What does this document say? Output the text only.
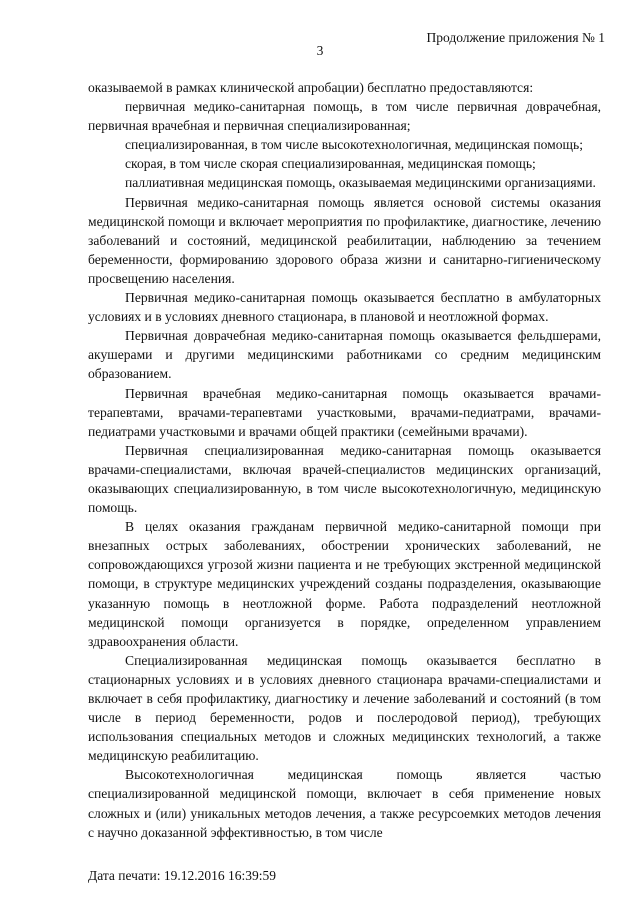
Продолжение приложения № 1
3

оказываемой в рамках клинической апробации) бесплатно предоставляются:

первичная медико-санитарная помощь, в том числе первичная доврачебная, первичная врачебная и первичная специализированная;

специализированная, в том числе высокотехнологичная, медицинская помощь;

скорая, в том числе скорая специализированная, медицинская помощь;

паллиативная медицинская помощь, оказываемая медицинскими организациями.

Первичная медико-санитарная помощь является основой системы оказания медицинской помощи и включает мероприятия по профилактике, диагностике, лечению заболеваний и состояний, медицинской реабилитации, наблюдению за течением беременности, формированию здорового образа жизни и санитарно-гигиеническому просвещению населения.

Первичная медико-санитарная помощь оказывается бесплатно в амбулаторных условиях и в условиях дневного стационара, в плановой и неотложной формах.

Первичная доврачебная медико-санитарная помощь оказывается фельдшерами, акушерами и другими медицинскими работниками со средним медицинским образованием.

Первичная врачебная медико-санитарная помощь оказывается врачами-терапевтами, врачами-терапевтами участковыми, врачами-педиатрами, врачами-педиатрами участковыми и врачами общей практики (семейными врачами).

Первичная специализированная медико-санитарная помощь оказывается врачами-специалистами, включая врачей-специалистов медицинских организаций, оказывающих специализированную, в том числе высокотехнологичную, медицинскую помощь.

В целях оказания гражданам первичной медико-санитарной помощи при внезапных острых заболеваниях, обострении хронических заболеваний, не сопровождающихся угрозой жизни пациента и не требующих экстренной медицинской помощи, в структуре медицинских учреждений созданы подразделения, оказывающие указанную помощь в неотложной форме. Работа подразделений неотложной медицинской помощи организуется в порядке, определенном управлением здравоохранения области.

Специализированная медицинская помощь оказывается бесплатно в стационарных условиях и в условиях дневного стационара врачами-специалистами и включает в себя профилактику, диагностику и лечение заболеваний и состояний (в том числе в период беременности, родов и послеродовой период), требующих использования специальных методов и сложных медицинских технологий, а также медицинскую реабилитацию.

Высокотехнологичная медицинская помощь является частью специализированной медицинской помощи, включает в себя применение новых сложных и (или) уникальных методов лечения, а также ресурсоемких методов лечения с научно доказанной эффективностью, в том числе

Дата печати: 19.12.2016 16:39:59
